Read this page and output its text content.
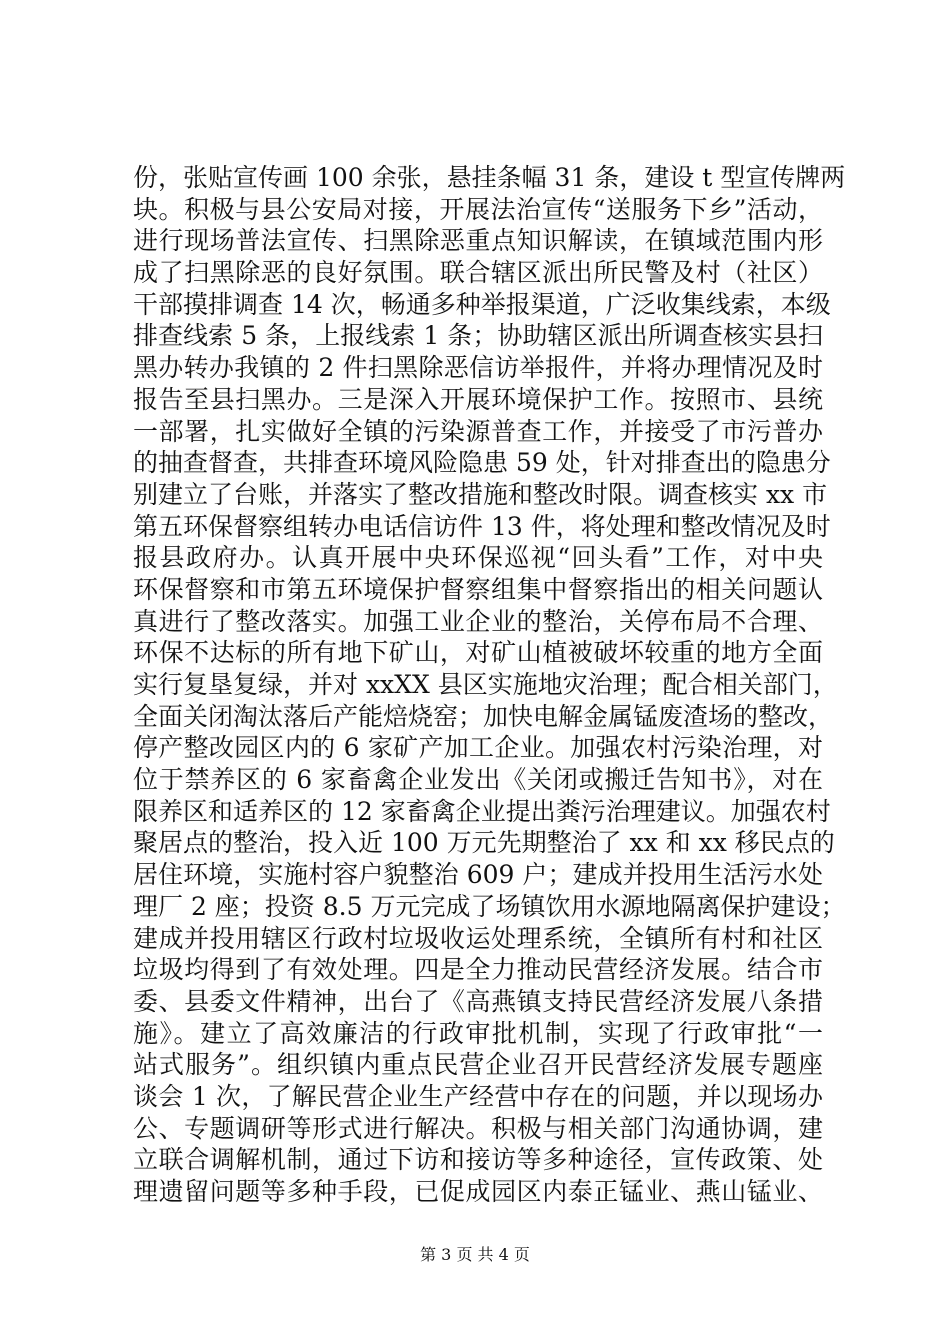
份，张贴宣传画 100 余张，悬挂条幅 31 条，建设 t 型宣传牌两
块。积极与县公安局对接，开展法治宣传“送服务下乡”活动，
进行现场普法宣传、扫黑除恶重点知识解读，在镇域范围内形
成了扫黑除恶的良好氛围。联合辖区派出所民警及村（社区）
干部摸排调查 14 次，畅通多种举报渠道，广泛收集线索，本级
排查线索 5 条，上报线索 1 条；协助辖区派出所调查核实县扫
黑办转办我镇的 2 件扫黑除恶信访举报件，并将办理情况及时
报告至县扫黑办。三是深入开展环境保护工作。按照市、县统
一部署，扎实做好全镇的污染源普查工作，并接受了市污普办
的抽查督查，共排查环境风险隐患 59 处，针对排查出的隐患分
别建立了台账，并落实了整改措施和整改时限。调查核实 xx 市
第五环保督察组转办电话信访件 13 件，将处理和整改情况及时
报县政府办。认真开展中央环保巡视“回头看”工作，对中央
环保督察和市第五环境保护督察组集中督察指出的相关问题认
真进行了整改落实。加强工业企业的整治，关停布局不合理、
环保不达标的所有地下矿山，对矿山植被破坏较重的地方全面
实行复垦复绿，并对 xxXX 县区实施地灾治理；配合相关部门，
全面关闭淘汰落后产能焙烧窑；加快电解金属锰废渣场的整改，
停产整改园区内的 6 家矿产加工企业。加强农村污染治理，对
位于禁养区的 6 家畜禽企业发出《关闭或搬迁告知书》，对在
限养区和适养区的 12 家畜禽企业提出粪污治理建议。加强农村
聚居点的整治，投入近 100 万元先期整治了 xx 和 xx 移民点的
居住环境，实施村容户貌整治 609 户；建成并投用生活污水处
理厂 2 座；投资 8.5 万元完成了场镇饮用水源地隔离保护建设；
建成并投用辖区行政村垃圾收运处理系统，全镇所有村和社区
垃圾均得到了有效处理。四是全力推动民营经济发展。结合市
委、县委文件精神，出台了《高燕镇支持民营经济发展八条措
施》。建立了高效廉洁的行政审批机制，实现了行政审批“一
站式服务”。组织镇内重点民营企业召开民营经济发展专题座
谈会 1 次，了解民营企业生产经营中存在的问题，并以现场办
公、专题调研等形式进行解决。积极与相关部门沟通协调，建
立联合调解机制，通过下访和接访等多种途径，宣传政策、处
理遗留问题等多种手段，已促成园区内泰正锰业、燕山锰业、
第 3 页 共 4 页
